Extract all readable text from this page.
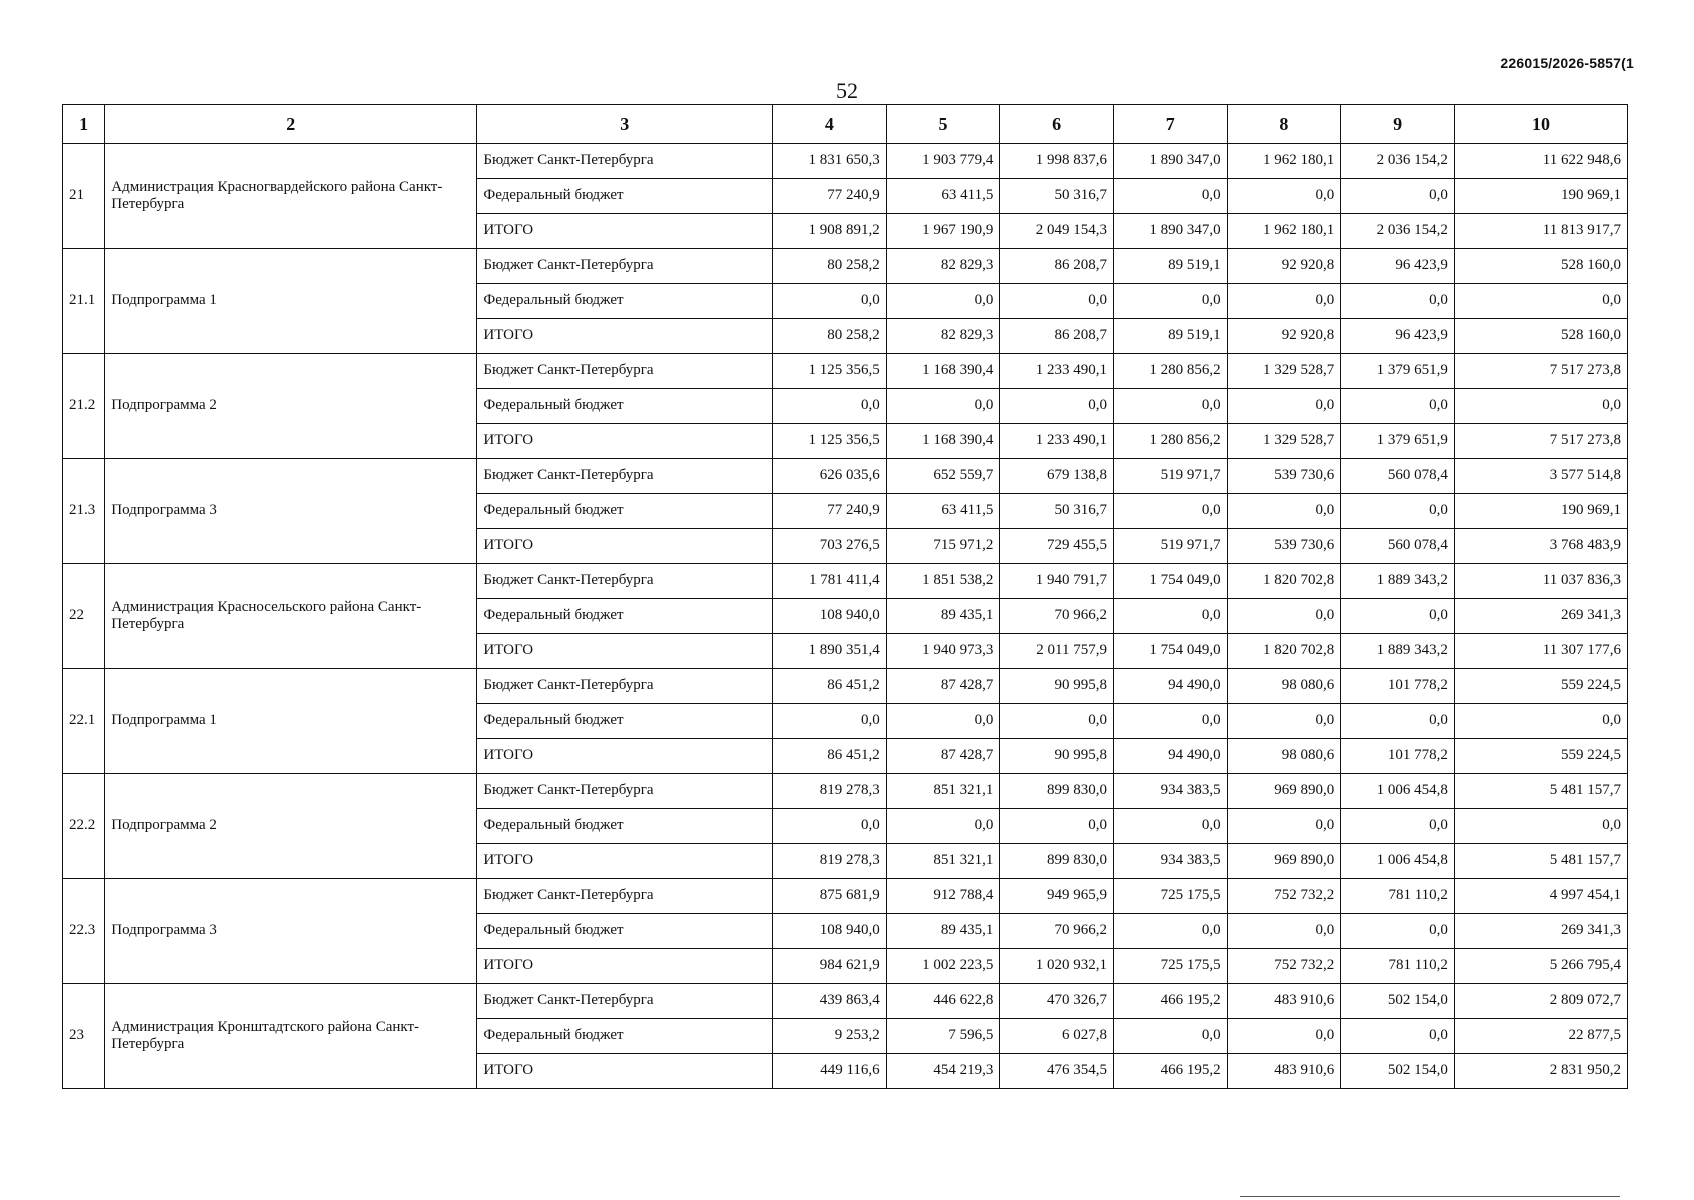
226015/2026-5857(1
52
1	2	3	4	5	6	7	8	9	10
21	Администрация Красногвардейского района Санкт-Петербурга	Бюджет Санкт-Петербурга	1 831 650,3	1 903 779,4	1 998 837,6	1 890 347,0	1 962 180,1	2 036 154,2	11 622 948,6
		Федеральный бюджет	77 240,9	63 411,5	50 316,7	0,0	0,0	0,0	190 969,1
		ИТОГО	1 908 891,2	1 967 190,9	2 049 154,3	1 890 347,0	1 962 180,1	2 036 154,2	11 813 917,7
21.1	Подпрограмма 1	Бюджет Санкт-Петербурга	80 258,2	82 829,3	86 208,7	89 519,1	92 920,8	96 423,9	528 160,0
		Федеральный бюджет	0,0	0,0	0,0	0,0	0,0	0,0	0,0
		ИТОГО	80 258,2	82 829,3	86 208,7	89 519,1	92 920,8	96 423,9	528 160,0
21.2	Подпрограмма 2	Бюджет Санкт-Петербурга	1 125 356,5	1 168 390,4	1 233 490,1	1 280 856,2	1 329 528,7	1 379 651,9	7 517 273,8
		Федеральный бюджет	0,0	0,0	0,0	0,0	0,0	0,0	0,0
		ИТОГО	1 125 356,5	1 168 390,4	1 233 490,1	1 280 856,2	1 329 528,7	1 379 651,9	7 517 273,8
21.3	Подпрограмма 3	Бюджет Санкт-Петербурга	626 035,6	652 559,7	679 138,8	519 971,7	539 730,6	560 078,4	3 577 514,8
		Федеральный бюджет	77 240,9	63 411,5	50 316,7	0,0	0,0	0,0	190 969,1
		ИТОГО	703 276,5	715 971,2	729 455,5	519 971,7	539 730,6	560 078,4	3 768 483,9
22	Администрация Красносельского района Санкт-Петербурга	Бюджет Санкт-Петербурга	1 781 411,4	1 851 538,2	1 940 791,7	1 754 049,0	1 820 702,8	1 889 343,2	11 037 836,3
		Федеральный бюджет	108 940,0	89 435,1	70 966,2	0,0	0,0	0,0	269 341,3
		ИТОГО	1 890 351,4	1 940 973,3	2 011 757,9	1 754 049,0	1 820 702,8	1 889 343,2	11 307 177,6
22.1	Подпрограмма 1	Бюджет Санкт-Петербурга	86 451,2	87 428,7	90 995,8	94 490,0	98 080,6	101 778,2	559 224,5
		Федеральный бюджет	0,0	0,0	0,0	0,0	0,0	0,0	0,0
		ИТОГО	86 451,2	87 428,7	90 995,8	94 490,0	98 080,6	101 778,2	559 224,5
22.2	Подпрограмма 2	Бюджет Санкт-Петербурга	819 278,3	851 321,1	899 830,0	934 383,5	969 890,0	1 006 454,8	5 481 157,7
		Федеральный бюджет	0,0	0,0	0,0	0,0	0,0	0,0	0,0
		ИТОГО	819 278,3	851 321,1	899 830,0	934 383,5	969 890,0	1 006 454,8	5 481 157,7
22.3	Подпрограмма 3	Бюджет Санкт-Петербурга	875 681,9	912 788,4	949 965,9	725 175,5	752 732,2	781 110,2	4 997 454,1
		Федеральный бюджет	108 940,0	89 435,1	70 966,2	0,0	0,0	0,0	269 341,3
		ИТОГО	984 621,9	1 002 223,5	1 020 932,1	725 175,5	752 732,2	781 110,2	5 266 795,4
23	Администрация Кронштадтского района Санкт-Петербурга	Бюджет Санкт-Петербурга	439 863,4	446 622,8	470 326,7	466 195,2	483 910,6	502 154,0	2 809 072,7
		Федеральный бюджет	9 253,2	7 596,5	6 027,8	0,0	0,0	0,0	22 877,5
		ИТОГО	449 116,6	454 219,3	476 354,5	466 195,2	483 910,6	502 154,0	2 831 950,2
